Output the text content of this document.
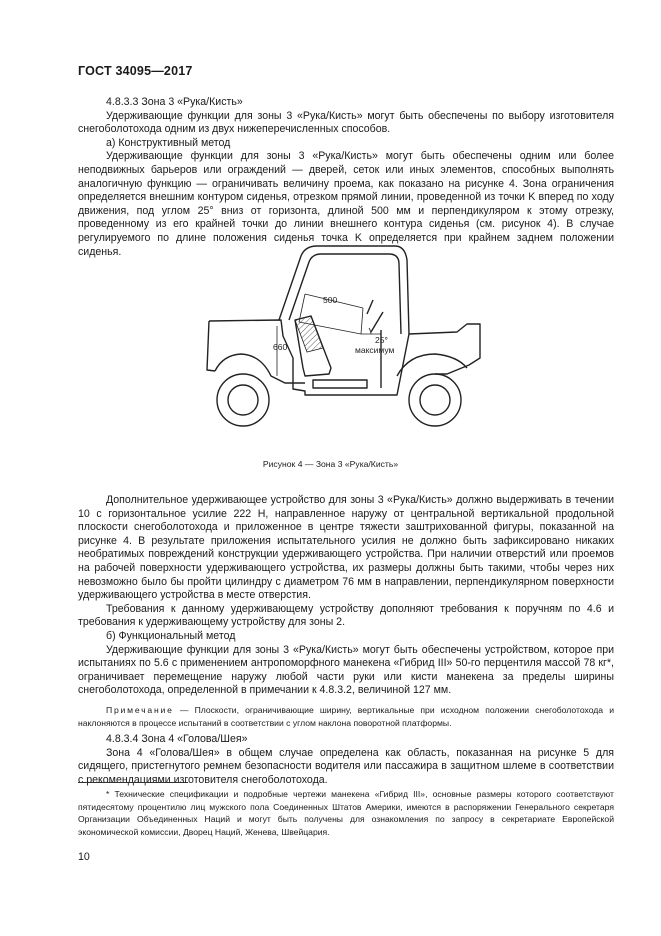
ГОСТ 34095—2017

4.8.3.3 Зона 3 «Рука/Кисть»

Удерживающие функции для зоны 3 «Рука/Кисть» могут быть обеспечены по выбору изготовителя снегоболотохода одним из двух нижеперечисленных способов.

а) Конструктивный метод

Удерживающие функции для зоны 3 «Рука/Кисть» могут быть обеспечены одним или более неподвижных барьеров или ограждений — дверей, сеток или иных элементов, способных выполнять аналогичную функцию — ограничивать величину проема, как показано на рисунке 4. Зона ограничения определяется внешним контуром сиденья, отрезком прямой линии, проведенной из точки K вперед по ходу движения, под углом 25° вниз от горизонта, длиной 500 мм и перпендикуляром к этому отрезку, проведенному из его крайней точки до линии внешнего контура сиденья (см. рисунок 4). В случае регулируемого по длине положения сиденья точка K определяется при крайнем заднем положении сиденья.

500
660
25°
максимум
Рисунок 4 — Зона 3 «Рука/Кисть»

Дополнительное удерживающее устройство для зоны 3 «Рука/Кисть» должно выдерживать в течении 10 с горизонтальное усилие 222 Н, направленное наружу от центральной вертикальной продольной плоскости снегоболотохода и приложенное в центре тяжести заштрихованной фигуры, показанной на рисунке 4. В результате приложения испытательного усилия не должно быть зафиксировано никаких необратимых повреждений конструкции удерживающего устройства. При наличии отверстий или проемов на рабочей поверхности удерживающего устройства, их размеры должны быть такими, чтобы через них невозможно было бы пройти цилиндру с диаметром 76 мм в направлении, перпендикулярном поверхности удерживающего устройства в месте отверстия.

Требования к данному удерживающему устройству дополняют требования к поручням по 4.6 и требования к удерживающему устройству для зоны 2.

б) Функциональный метод

Удерживающие функции для зоны 3 «Рука/Кисть» могут быть обеспечены устройством, которое при испытаниях по 5.6 с применением антропоморфного манекена «Гибрид III» 50-го перцентиля массой 78 кг*, ограничивает перемещение наружу любой части руки или кисти манекена за пределы ширины снегоболотохода, определенной в примечании к 4.8.3.2, величиной 127 мм.

Примечание — Плоскости, ограничивающие ширину, вертикальные при исходном положении снегоболотохода и наклоняются в процессе испытаний в соответствии с углом наклона поворотной платформы.

4.8.3.4 Зона 4 «Голова/Шея»

Зона 4 «Голова/Шея» в общем случае определена как область, показанная на рисунке 5 для сидящего, пристегнутого ремнем безопасности водителя или пассажира в защитном шлеме в соответствии с рекомендациями изготовителя снегоболотохода.

* Технические спецификации и подробные чертежи манекена «Гибрид III», основные размеры которого соответствуют пятидесятому процентилю лиц мужского пола Соединенных Штатов Америки, имеются в распоряжении Генерального секретаря Организации Объединенных Наций и могут быть получены для ознакомления по запросу в секретариате Европейской экономической комиссии, Дворец Наций, Женева, Швейцария.
10
